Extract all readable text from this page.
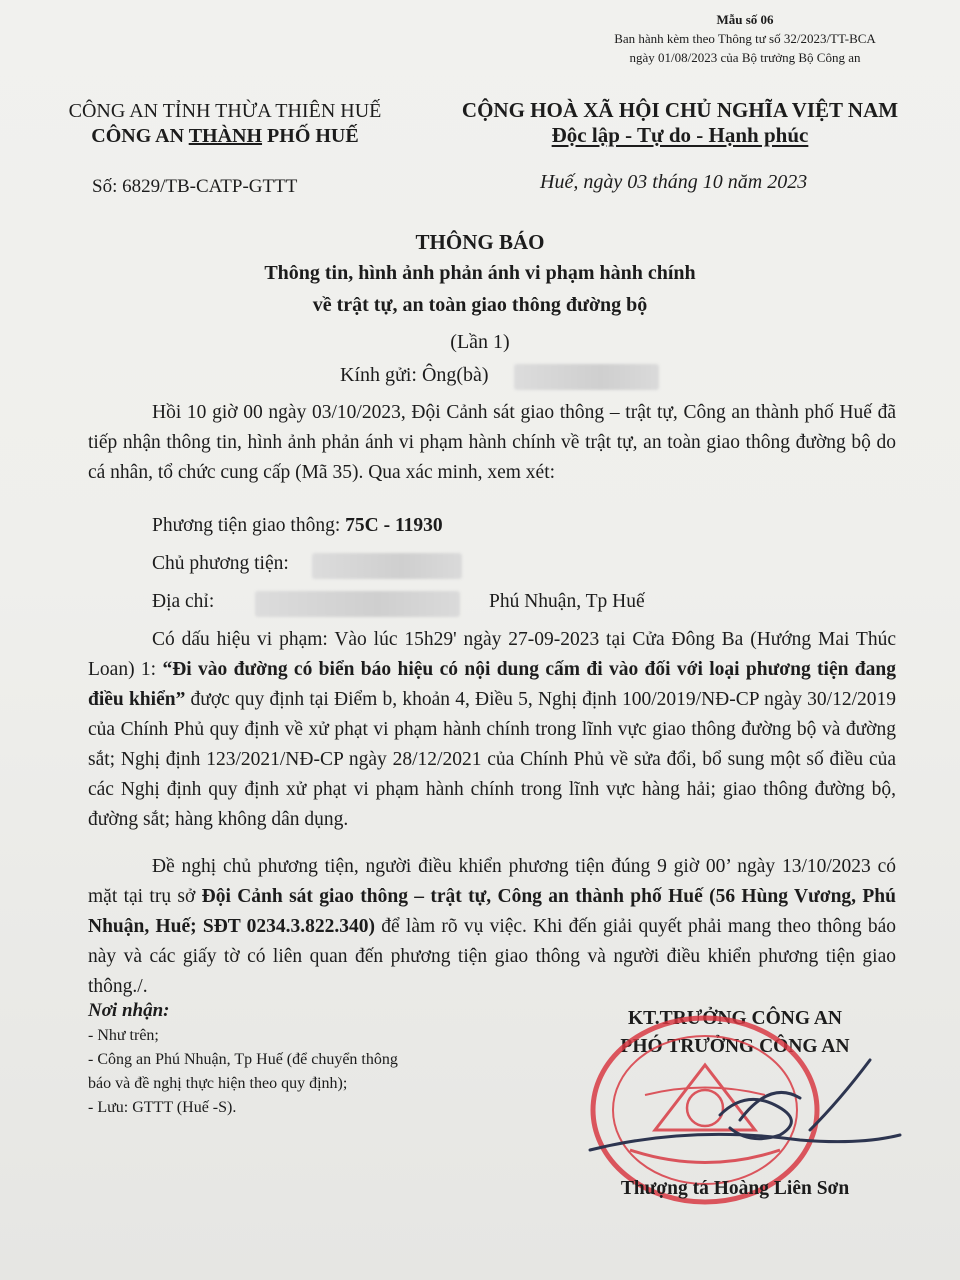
Mẫu số 06
Ban hành kèm theo Thông tư số 32/2023/TT-BCA
ngày 01/08/2023 của Bộ trưởng Bộ Công an
CÔNG AN TỈNH THỪA THIÊN HUẾ
CÔNG AN THÀNH PHỐ HUẾ
CỘNG HOÀ XÃ HỘI CHỦ NGHĨA VIỆT NAM
Độc lập - Tự do - Hạnh phúc
Số: 6829/TB-CATP-GTTT	Huế, ngày 03 tháng 10 năm 2023
THÔNG BÁO
Thông tin, hình ảnh phản ánh vi phạm hành chính
về trật tự, an toàn giao thông đường bộ
(Lần 1)
Kính gửi: Ông(bà)
Hồi 10 giờ 00 ngày 03/10/2023, Đội Cảnh sát giao thông – trật tự, Công an thành phố Huế đã tiếp nhận thông tin, hình ảnh phản ánh vi phạm hành chính về trật tự, an toàn giao thông đường bộ do cá nhân, tổ chức cung cấp (Mã 35). Qua xác minh, xem xét:
Phương tiện giao thông: 75C - 11930
Chủ phương tiện:
Địa chỉ:	Phú Nhuận, Tp Huế
Có dấu hiệu vi phạm: Vào lúc 15h29' ngày 27-09-2023 tại Cửa Đông Ba (Hướng Mai Thúc Loan) 1: “Đi vào đường có biển báo hiệu có nội dung cấm đi vào đối với loại phương tiện đang điều khiển” được quy định tại Điểm b, khoản 4, Điều 5, Nghị định 100/2019/NĐ-CP ngày 30/12/2019 của Chính Phủ quy định về xử phạt vi phạm hành chính trong lĩnh vực giao thông đường bộ và đường sắt; Nghị định 123/2021/NĐ-CP ngày 28/12/2021 của Chính Phủ về sửa đổi, bổ sung một số điều của các Nghị định quy định xử phạt vi phạm hành chính trong lĩnh vực hàng hải; giao thông đường bộ, đường sắt; hàng không dân dụng.
Đề nghị chủ phương tiện, người điều khiển phương tiện đúng 9 giờ 00’ ngày 13/10/2023 có mặt tại trụ sở Đội Cảnh sát giao thông – trật tự, Công an thành phố Huế (56 Hùng Vương, Phú Nhuận, Huế; SĐT 0234.3.822.340) để làm rõ vụ việc. Khi đến giải quyết phải mang theo thông báo này và các giấy tờ có liên quan đến phương tiện giao thông và người điều khiển phương tiện giao thông./.
Nơi nhận:
- Như trên;
- Công an Phú Nhuận, Tp Huế (để chuyển thông
báo và đề nghị thực hiện theo quy định);
- Lưu: GTTT (Huế -S).
KT.TRƯỞNG CÔNG AN
PHÓ TRƯỞNG CÔNG AN
Thượng tá Hoàng Liên Sơn
